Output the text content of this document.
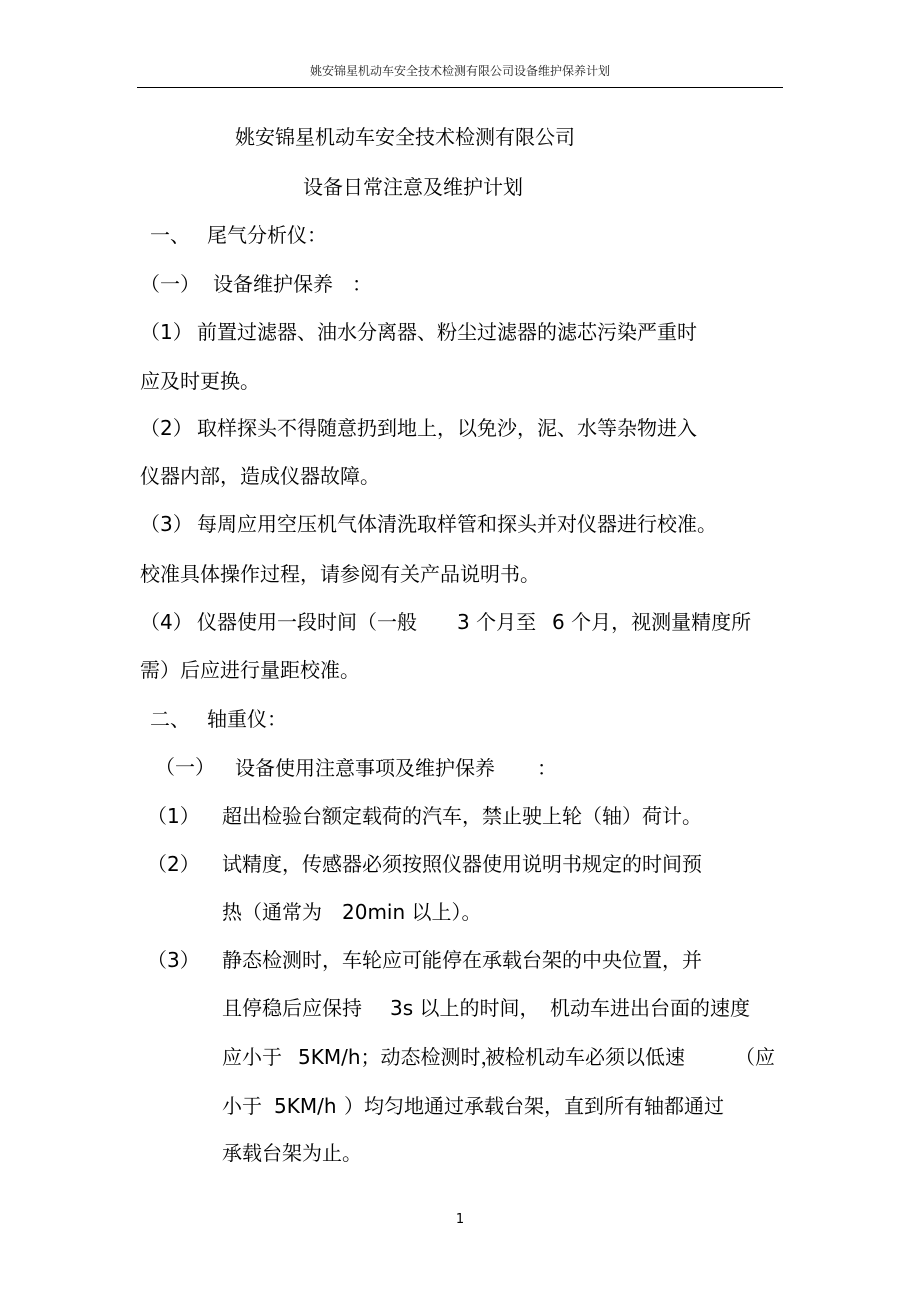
姚安锦星机动车安全技术检测有限公司设备维护保养计划
姚安锦星机动车安全技术检测有限公司
设备日常注意及维护计划
一、 尾气分析仪：
（一） 设备维护保养 ：
（1） 前置过滤器、油水分离器、粉尘过滤器的滤芯污染严重时
应及时更换。
（2） 取样探头不得随意扔到地上，以免沙，泥、水等杂物进入
仪器内部，造成仪器故障。
（3） 每周应用空压机气体清洗取样管和探头并对仪器进行校准。
校准具体操作过程，请参阅有关产品说明书。
（4） 仪器使用一段时间（一般 3 个月至 6 个月，视测量精度所
需）后应进行量距校准。
二、 轴重仪：
（一） 设备使用注意事项及维护保养 ：
（1） 超出检验台额定载荷的汽车，禁止驶上轮（轴）荷计。
（2） 试精度，传感器必须按照仪器使用说明书规定的时间预
热（通常为 20min 以上）。
（3） 静态检测时，车轮应可能停在承载台架的中央位置，并
且停稳后应保持 3s 以上的时间， 机动车进出台面的速度
应小于 5KM/h；动态检测时，
被检机动车必须以低速	（应
小于 5KM/h ）均匀地通过承载台架，直到所有轴都通过
承载台架为止。
1
